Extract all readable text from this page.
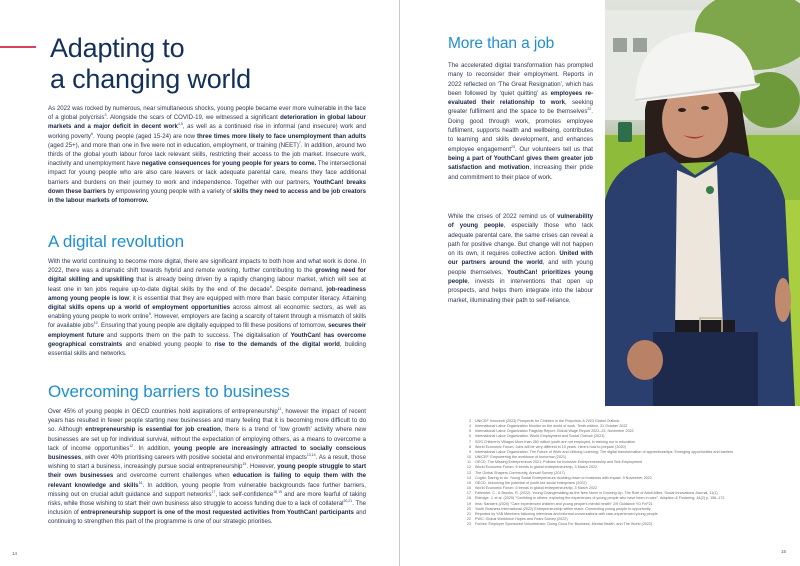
Adapting to
a changing world

As 2022 was rocked by numerous, near simultaneous shocks, young people became ever more vulnerable in the face of a global polycrisis$^3$. Alongside the scars of COVID-19, we witnessed a significant deterioration in global labour markets and a major deficit in decent work$^{4,5}$, as well as a continued rise in informal (and insecure) work and working poverty$^6$. Young people (aged 15-24) are now three times more likely to face unemployment than adults (aged 25+), and more than one in five were not in education, employment, or training (NEET)$^7$. In addition, around two thirds of the global youth labour force lack relevant skills, restricting their access to the job market. Insecure work, inactivity and unemployment have negative consequences for young people for years to come. The intersectional impact for young people who are also care leavers or lack adequate parental care, means they face additional barriers and burdens on their journey to work and independence. Together with our partners, YouthCan! breaks down these barriers by empowering young people with a variety of skills they need to access and be job creators in the labour markets of tomorrow.

A digital revolution

With the world continuing to become more digital, there are significant impacts to both how and what work is done. In 2022, there was a dramatic shift towards hybrid and remote working, further contributing to the growing need for digital skilling and upskilling that is already being driven by a rapidly changing labour market, which will see at least one in ten jobs require up-to-date digital skills by the end of the decade$^8$. Despite demand, job-readiness among young people is low; it is essential that they are equipped with more than basic computer literacy. Attaining digital skills opens up a world of employment opportunities across almost all economic sectors, as well as enabling young people to work online$^9$. However, employers are facing a scarcity of talent through a mismatch of skills for available jobs$^{10}$. Ensuring that young people are digitally equipped to fill these positions of tomorrow, secures their employment future and supports them on the path to success. The digitalisation of YouthCan! has overcome geographical constraints and enabled young people to rise to the demands of the digital world, building essential skills and networks.

Overcoming barriers to business

Over 45% of young people in OECD countries hold aspirations of entrepreneurship$^{11}$, however the impact of recent years has resulted in fewer people starting new businesses and many feeling that it is becoming more difficult to do so. Although entrepreneurship is essential for job creation, there is a trend of ‘low growth’ activity where new businesses are set up for individual survival, without the expectation of employing others, as a means to overcome a lack of income opportunities$^{12}$. In addition, young people are increasingly attracted to socially conscious businesses, with over 40% prioritising careers with positive societal and environmental impacts$^{13,14}$. As a result, those wishing to start a business, increasingly pursue social entrepreneurship$^{15}$. However, young people struggle to start their own businesses and overcome current challenges when education is failing to equip them with the relevant knowledge and skills$^{16}$. In addition, young people from vulnerable backgrounds face further barriers, missing out on crucial adult guidance and support networks$^{17}$, lack self-confidence$^{18,19}$ and are more fearful of taking risks, while those wishing to start their own business also struggle to access funding due to a lack of collateral$^{20,21}$. The inclusion of entrepreneurship support is one of the most requested activities from YouthCan! participants and continuing to strengthen this part of the programme is one of our strategic priorities.

14
More than a job

The accelerated digital transformation has prompted many to reconsider their employment. Reports in 2022 reflected on ‘The Great Resignation’, which has been followed by ‘quiet quitting’ as employees re-evaluated their relationship to work, seeking greater fulfilment and the space to be themselves$^{22}$. Doing good through work, promotes employee fulfilment, supports health and wellbeing, contributes to learning and skills development, and enhances employee engagement$^{23}$. Our volunteers tell us that being a part of YouthCan! gives them greater job satisfaction and motivation, increasing their pride and commitment to their place of work.

While the crises of 2022 remind us of vulnerability of young people, especially those who lack adequate parental care, the same crises can reveal a path for positive change. But change will not happen on its own, it requires collective action. United with our partners around the world, and with young people themselves, YouthCan! prioritizes young people, invests in interventions that open up prospects, and helps them integrate into the labour market, illuminating their path to self-reliance.

3 UNICEF Innocenti (2023) Prospects for Children in the Polycrisis: A 2023 Global Outlook
4 International Labor Organization Monitor on the world of work. Tenth edition, 31 October 2022
5 International Labor Organization Flagship Report. Global Wage Report 2022–23, November 2022
6 International Labor Organization. World Employment and Social Outlook (2023)
7 SOS Children's Villages More than 280 million youth are not employed, in training nor in education
8 World Economic Forum. Jobs will be very different in 10 years. Here's how to prepare (2020)
9 International Labor Organization. The Future of Work and Lifelong Learning: The digital transformation of apprenticeships: Emerging opportunities and barriers
10 UNICEF. Empowering the workforce of tomorrow (2021)
11 OECD. The Missing Entrepreneurs 2021: Policies for Inclusive Entrepreneurship and Self-Employment
12 World Economic Forum. 6 trends in global entrepreneurship, 3 March 2022
13 The Global Shapers Community, Annual Survey (2017)
14 Cogito: Daring to do: Young Social Entrepreneurs doubling down on business with impact, 9 November 2022
15 OECD. Unlocking the potential of youth-led social enterprises (2022)
16 World Economic Forum. 6 trends in global entrepreneurship, 3 March 2022
17 Fallender, C., & Brooks, R. (2022). Young Changemaking as the New Norm in Growing Up: The Role of Adult Allies. Social Innovations Journal, 11(1)
18 Eldridge, J. et al. (2020) "Confiding in others: exploring the experiences of young people who have been in care". Adoption & Fostering, 44(2) p. 156–172
19 Iriss: Sanders (2020) "Care experienced children and young people's mental health" 2/9 Guidance YD FnF21
20 Youth Business International (2022) Entrepreneurship within reach: Connecting young people to opportunity
21 Reported by YAB Members following interviews and informal conversations with care-experienced young people
22 PWC: Global Workforce Hopes and Fears Survey (2022)
23 Forbes: Employer Sponsored Volunteerism: Doing Good For Business, Mental Health, and The World (2022)
15
